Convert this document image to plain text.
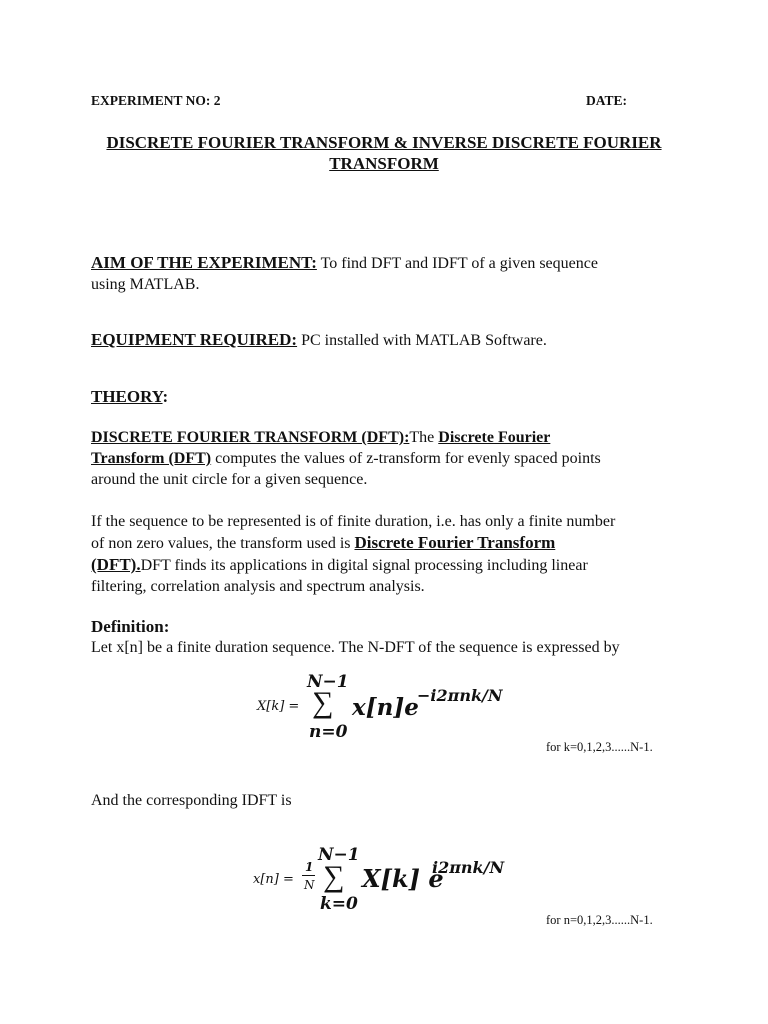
EXPERIMENT NO: 2	DATE:
DISCRETE FOURIER TRANSFORM & INVERSE DISCRETE FOURIER
TRANSFORM
AIM OF THE EXPERIMENT: To find DFT and IDFT of a given sequence
using MATLAB.
EQUIPMENT REQUIRED: PC installed with MATLAB Software.
THEORY:
DISCRETE FOURIER TRANSFORM (DFT):The Discrete Fourier
Transform (DFT) computes the values of z-transform for evenly spaced points
around the unit circle for a given sequence.
If the sequence to be represented is of finite duration, i.e. has only a finite number
of non zero values, the transform used is Discrete Fourier Transform
(DFT).DFT finds its applications in digital signal processing including linear
filtering, correlation analysis and spectrum analysis.
Definition:
Let x[n] be a finite duration sequence. The N-DFT of the sequence is expressed by
X[k] =
N−1
∑
n=0
x[n]e
−i2πnk/N
for k=0,1,2,3......N-1.
And the corresponding IDFT is
x[n] =
1
N
N−1
∑
k=0
X[k] e
i2πnk/N
for n=0,1,2,3......N-1.
